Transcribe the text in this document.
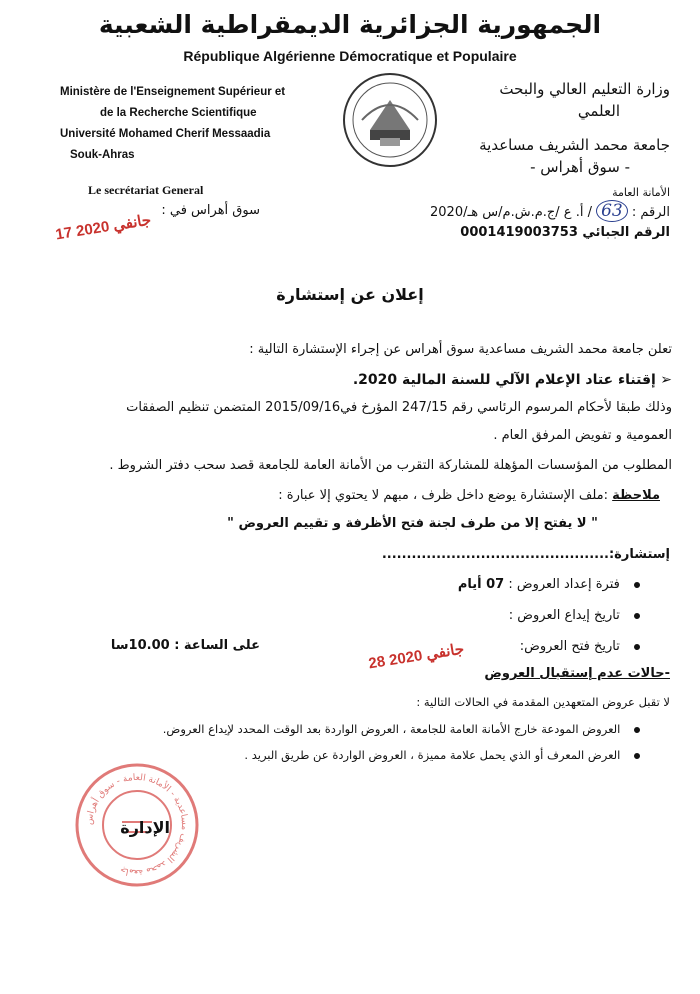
الجمهورية الجزائرية الديمقراطية الشعبية
République Algérienne Démocratique et Populaire
Ministère de l'Enseignement Supérieur et
de la Recherche Scientifique
Université Mohamed Cherif Messaadia
Souk-Ahras
وزارة التعليم العالي والبحث
العلمي
جامعة محمد الشريف مساعدية
- سوق أهراس -
Le secrétariat General	الأمانة العامة
سوق أهراس في :	الرقم : 63 / أ. ع /ج.م.ش.م/س هـ/2020
الرقم الجبائي 0001419003753
17 جانفي 2020
إعلان عن إستشارة
تعلن جامعة محمد الشريف مساعدية سوق أهراس عن إجراء الإستشارة التالية :
➢ إقتناء عتاد الإعلام الآلي للسنة المالية 2020.
وذلك طبقا لأحكام المرسوم الرئاسي رقم 247/15 المؤرخ في2015/09/16 المتضمن تنظيم الصفقات
العمومية و تفويض المرفق العام .
المطلوب من المؤسسات المؤهلة للمشاركة التقرب من الأمانة العامة للجامعة قصد سحب دفتر الشروط .
ملاحظة :ملف الإستشارة يوضع داخل ظرف ، مبهم لا يحتوي إلا عبارة :
" لا يفتح إلا من طرف لجنة فتح الأظرفة و تقييم العروض "
إستشارة:..............................................
فترة إعداد العروض : 07 أيام
تاريخ إيداع العروض :
تاريخ فتح العروض:
على الساعة : 10.00سا
28 جانفي 2020
-حالات عدم إستقبال العروض
لا تقبل عروض المتعهدين المقدمة في الحالات التالية :
العروض المودعة خارج الأمانة العامة للجامعة ، العروض الواردة بعد الوقت المحدد لإيداع العروض.
العرض المعرف أو الذي يحمل علامة مميزة ، العروض الواردة عن طريق البريد .
جامعة محمد الشريف مساعدية - الأمانة العامة - سوق أهراس
الإدارة
